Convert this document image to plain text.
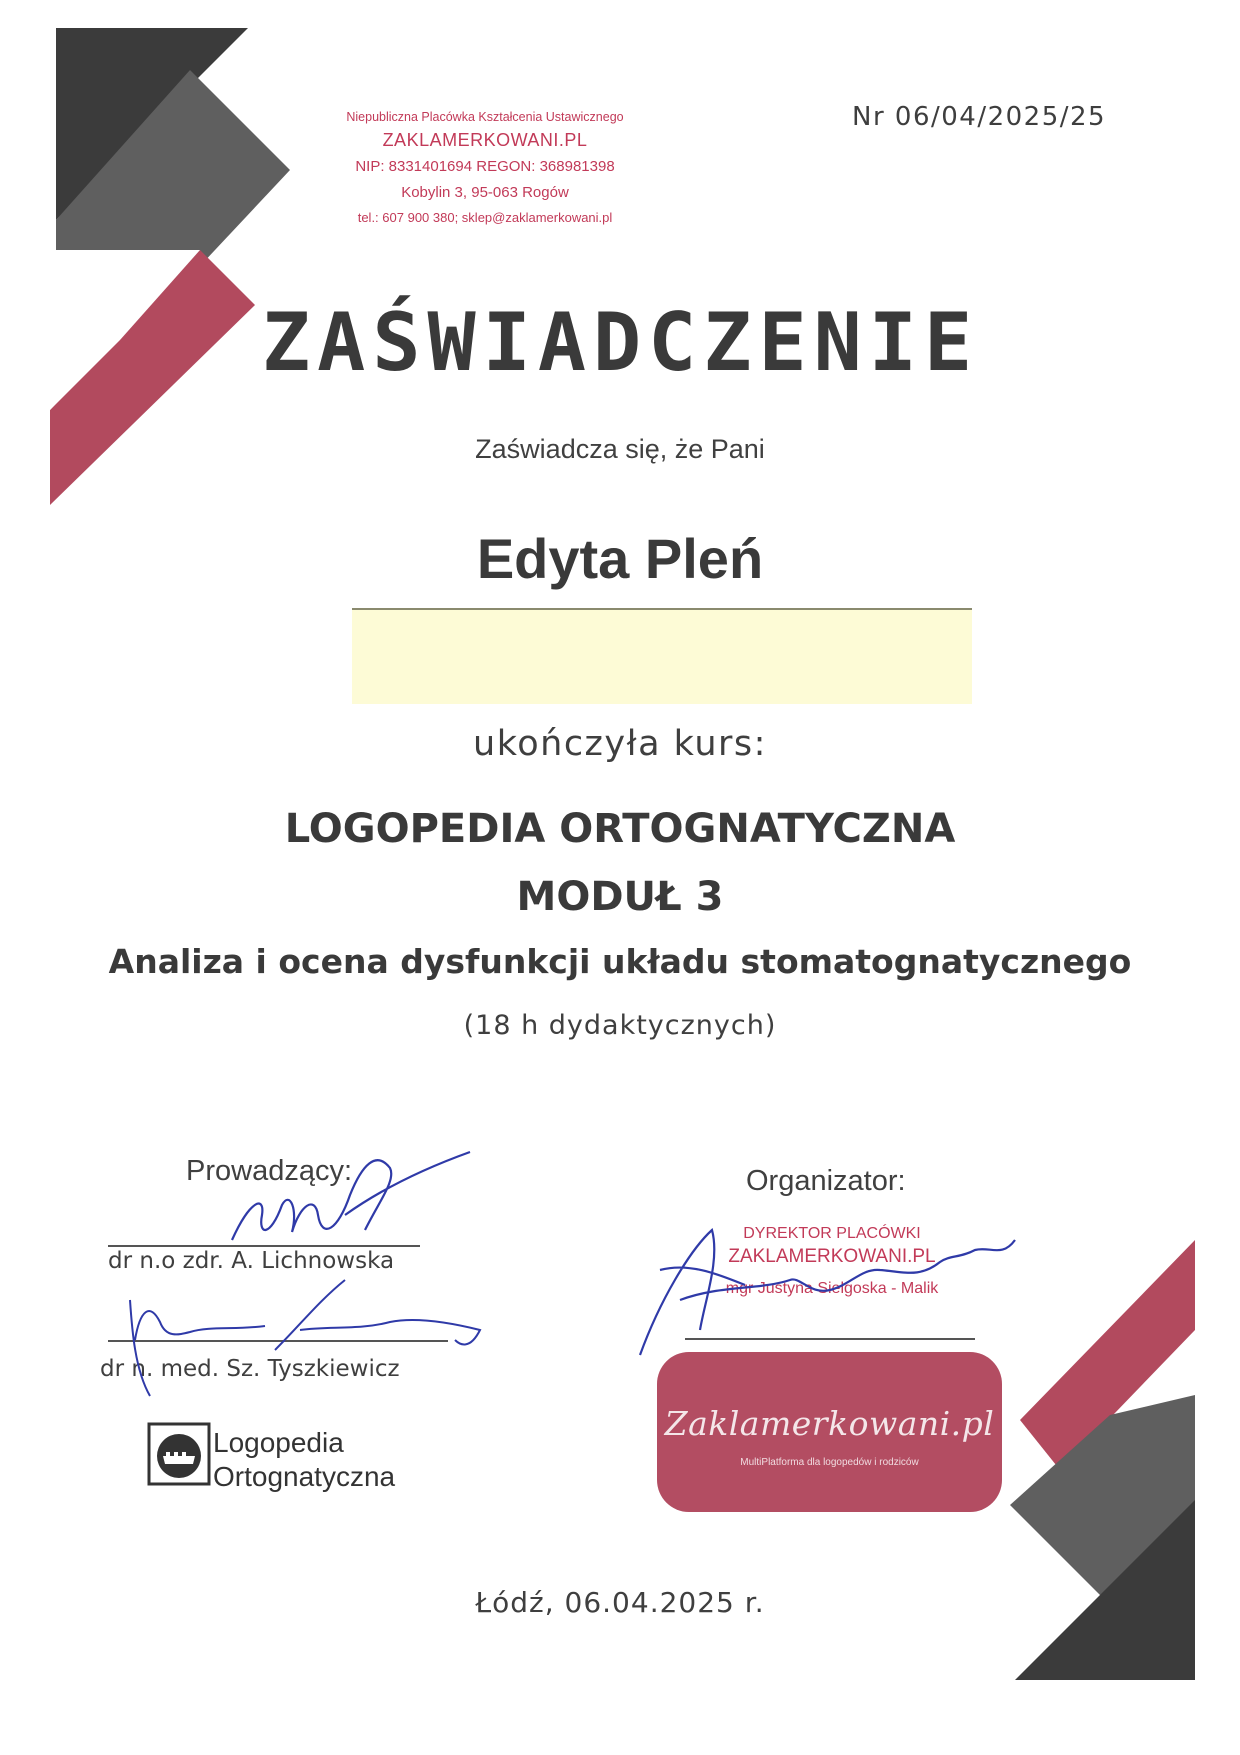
Niepubliczna Placówka Kształcenia Ustawicznego
ZAKLAMERKOWANI.PL
NIP: 8331401694 REGON: 368981398
Kobylin 3, 95-063 Rogów
tel.: 607 900 380; sklep@zaklamerkowani.pl
Nr 06/04/2025/25
ZAŚWIADCZENIE
Zaświadcza się, że Pani
Edyta Pleń
ukończyła kurs:
LOGOPEDIA ORTOGNATYCZNA
MODUŁ 3
Analiza i ocena dysfunkcji układu stomatognatycznego
(18 h dydaktycznych)
Prowadzący:
dr n.o zdr. A. Lichnowska
dr n. med. Sz. Tyszkiewicz
Organizator:
DYREKTOR PLACÓWKI
ZAKLAMERKOWANI.PL
mgr Justyna Sielgoska - Malik
Logopedia
Ortognatyczna
Zaklamerkowani.pl
MultiPlatforma dla logopedów i rodziców
Łódź, 06.04.2025 r.
